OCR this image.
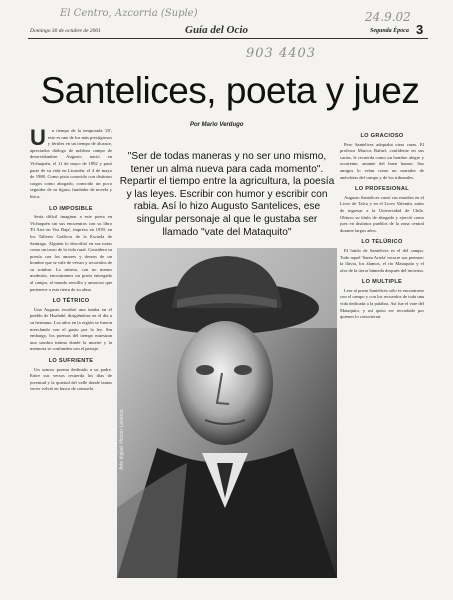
El Centro, Azcorria (Suple)	24.9.02
903 4403
Domingo 30 de octubre de 2001	Guía del Ocio	Segunda Época 3
Santelices, poeta y juez
Por Mario Verdugo
U	n tiempo de la temporada '20', esto es uno de los más prestigiosos y fértiles en un tiempo de alcance, apreciados diálogo de nobleza campo de deservidumbre. Augusto nació en Vichuquén, el 11 de mayo de 1892 y pasó parte de su vida en Licantén, el 4 de mayo de 1980. Como pista conocido con distintos cargos como abogado, conocido un poco seguidor de su figura, fundador de novela y lírica.
LO IMPOSIBLE
Sería difícil imaginar a este poeta en Vichuquén sin sus encuentros con su libro 'El Arte en Voz Baja', impreso en 1939, en los Talleres Gráficos de la Escuela de Santiago. Alguien lo describió en sus notas como un trozo de la vida rural. Considera su poesía con los amores y deseos de un hombre que se vale de versos y recuerdos de su sombra. Lo mismo, con no menos modestia, encontramos un poeta entregado al campo, al mundo sencillo y amoroso que pertenece a esta tierra de su alma.
LO TÉTRICO
Una Augusto escribió una tumba en el pueblo de Hualañé, dirigiéndose en el día a su hermano. Los años en la región se fueron mezclando con el gusto por la ley. Sin embargo, los poemas del tiempo muestran una sombra íntima donde la muerte y la memoria se confunden con el paisaje.
LO SUFRIENTE
Un sonoro poema dedicado a su padre. Entre sus versos recuerda los días de juventud y la quietud del valle donde tantas veces volvió en busca de consuelo.
"Ser de todas maneras y no ser uno mismo, tener un alma nueva para cada momento". Repartir el tiempo entre la agricultura, la poesía y las leyes. Escribir con humor y escribir con rabia. Así lo hizo Augusto Santelices, ese singular personaje al que le gustaba ser llamado "vate del Mataquito"
Arte digital: Héctor Labarca
LO GRACIOSO
Pero Santelices adoptaba otras caras. El profesor Marcos Rafael, confidente en sus cartas, le recuerda como un hombre alegre y ocurrente, amante del buen humor. Sus amigos lo veían como un narrador de anécdotas del campo y de los tribunales.
LO PROFESIONAL
Augusto Santelices cursó sus estudios en el Liceo de Talca y en el Liceo Valentín, antes de ingresar a la Universidad de Chile. Obtuvo su título de abogado y ejerció como juez en distintos pueblos de la zona central durante largos años.
LO TELÚRICO
El latido de Santelices es el del campo. Todo aquel 'Santa Ariela' recorre sus poemas: la lluvia, los álamos, el río Mataquito y el olor de la tierra húmeda después del invierno.
LO MULTIPLE
Leer al poeta Santelices sólo es encontrarse con el campo y con los recuerdos de toda una vida dedicada a la palabra. Así fue el vate del Mataquito, y así quiso ser recordado por quienes lo conocieron.
